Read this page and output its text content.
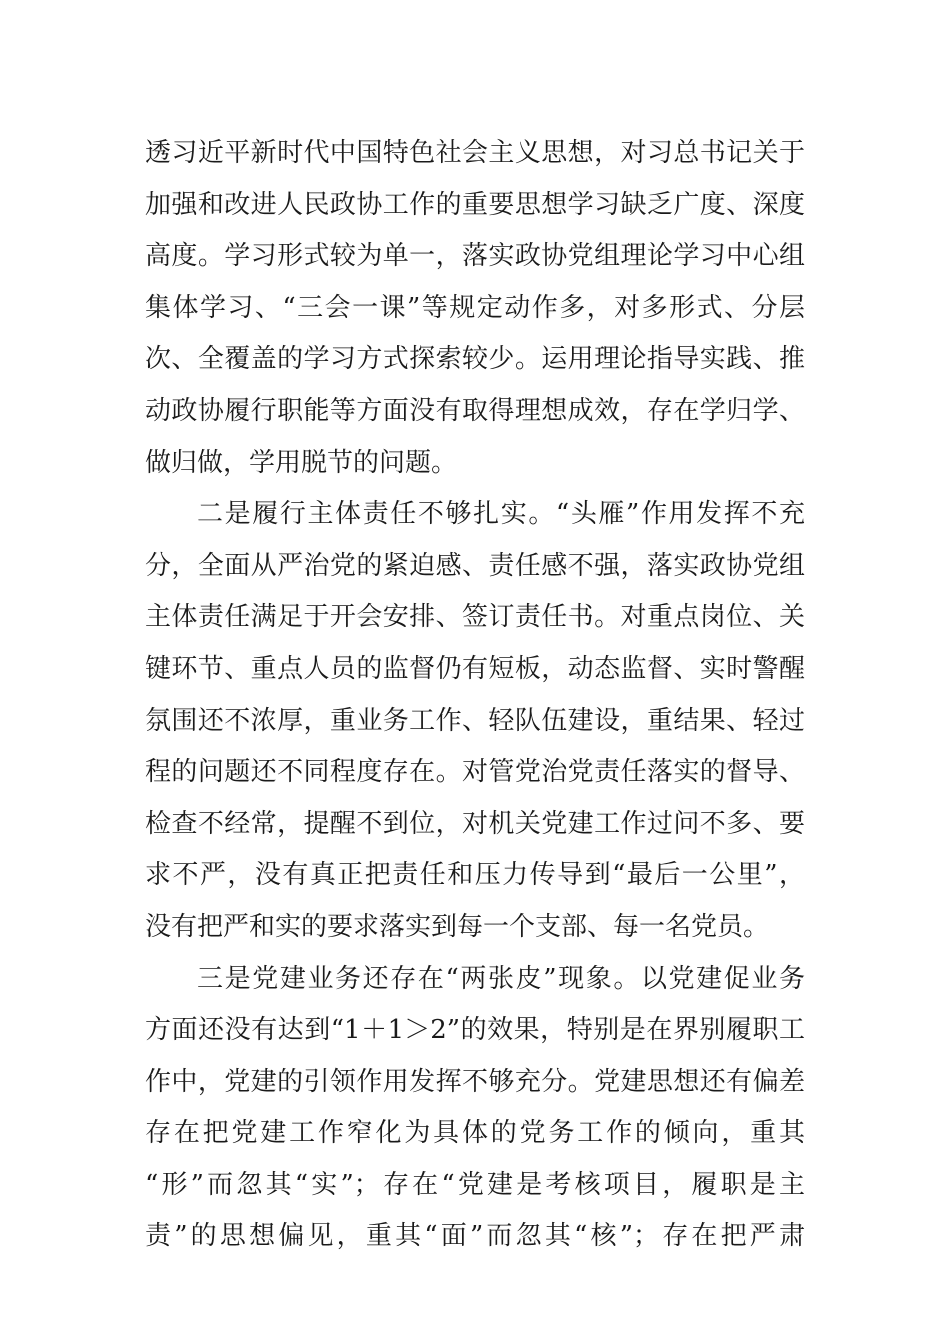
透习近平新时代中国特色社会主义思想，对习总书记关于
加强和改进人民政协工作的重要思想学习缺乏广度、深度
高度。学习形式较为单一，落实政协党组理论学习中心组
集体学习、“三会一课”等规定动作多，对多形式、分层
次、全覆盖的学习方式探索较少。运用理论指导实践、推
动政协履行职能等方面没有取得理想成效，存在学归学、
做归做，学用脱节的问题。
二是履行主体责任不够扎实。“头雁”作用发挥不充
分，全面从严治党的紧迫感、责任感不强，落实政协党组
主体责任满足于开会安排、签订责任书。对重点岗位、关
键环节、重点人员的监督仍有短板，动态监督、实时警醒
氛围还不浓厚，重业务工作、轻队伍建设，重结果、轻过
程的问题还不同程度存在。对管党治党责任落实的督导、
检查不经常，提醒不到位，对机关党建工作过问不多、要
求不严，没有真正把责任和压力传导到“最后一公里”，
没有把严和实的要求落实到每一个支部、每一名党员。
三是党建业务还存在“两张皮”现象。以党建促业务
方面还没有达到“1＋1＞2”的效果，特别是在界别履职工
作中，党建的引领作用发挥不够充分。党建思想还有偏差
存在把党建工作窄化为具体的党务工作的倾向，重其
“形”而忽其“实”；存在“党建是考核项目，履职是主
责”的思想偏见，重其“面”而忽其“核”；存在把严肃
